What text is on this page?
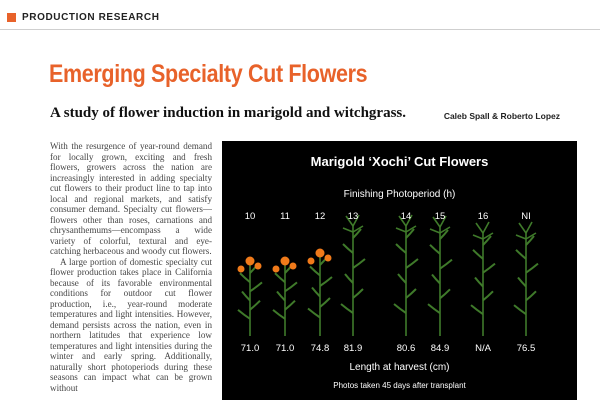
PRODUCTION RESEARCH
Emerging Specialty Cut Flowers
A study of flower induction in marigold and witchgrass.	Caleb Spall & Roberto Lopez

With the resurgence of year-round demand for locally grown, exciting and fresh flowers, growers across the nation are increasingly interested in adding specialty cut flowers to their product line to tap into local and regional markets, and satisfy consumer demand. Specialty cut flowers—flowers other than roses, carnations and chrysanthemums—encompass a wide variety of colorful, textural and eye-catching herbaceous and woody cut flowers.

A large portion of domestic specialty cut flower production takes place in California because of its favorable environmental conditions for outdoor cut flower production, i.e., year-round moderate temperatures and light intensities. However, demand persists across the nation, even in northern latitudes that experience low temperatures and light intensities during the winter and early spring. Additionally, naturally short photoperiods during these seasons can impact what can be grown without

Marigold ‘Xochi’ Cut Flowers
Finishing Photoperiod (h)
Length at harvest (cm)
Photos taken 45 days after transplant
10
71.0
11
71.0
12
74.8
13
81.9
14
80.6
15
84.9
16
N/A
NI
76.5
